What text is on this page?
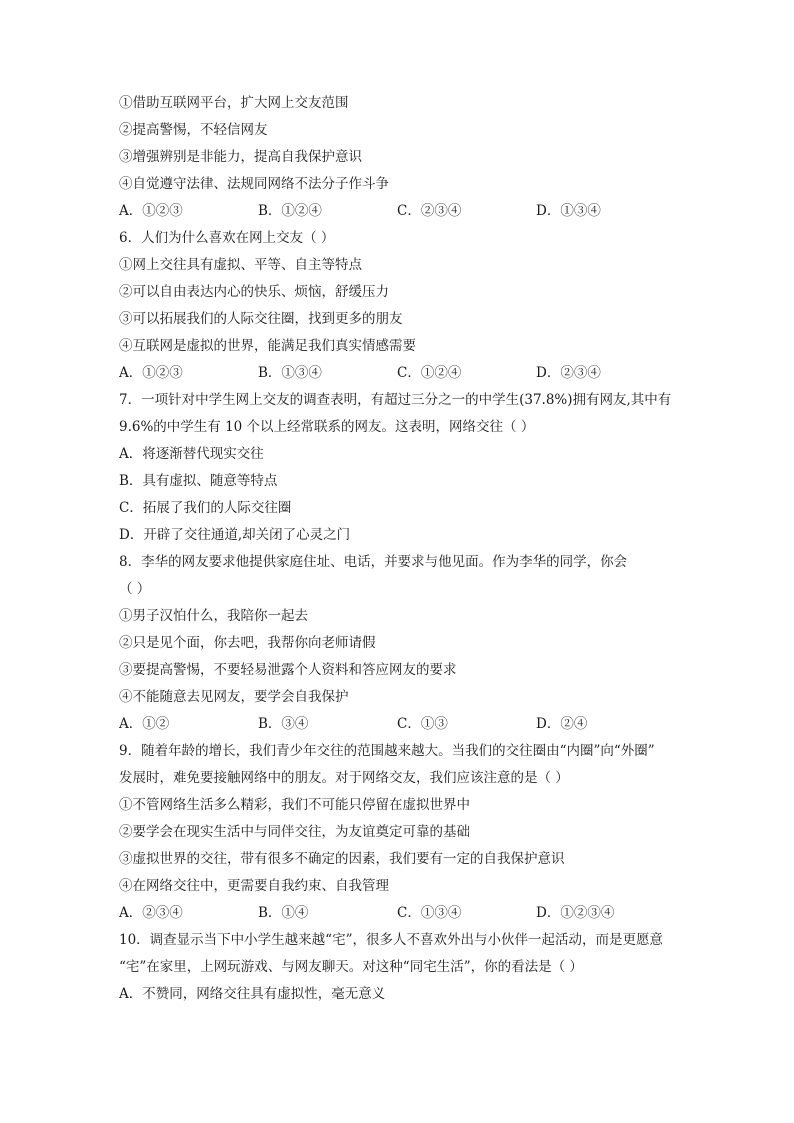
①借助互联网平台，扩大网上交友范围
②提高警惕，不轻信网友
③增强辨别是非能力，提高自我保护意识
④自觉遵守法律、法规同网络不法分子作斗争
A．①②③	B．①②④	C．②③④	D．①③④
6．人们为什么喜欢在网上交友（ ）
①网上交往具有虚拟、平等、自主等特点
②可以自由表达内心的快乐、烦恼，舒缓压力
③可以拓展我们的人际交往圈，找到更多的朋友
④互联网是虚拟的世界，能满足我们真实情感需要
A．①②③	B．①③④	C．①②④	D．②③④
7．一项针对中学生网上交友的调查表明，有超过三分之一的中学生(37.8%)拥有网友,其中有
9.6%的中学生有 10 个以上经常联系的网友。这表明，网络交往（ ）
A．将逐渐替代现实交往
B．具有虚拟、随意等特点
C．拓展了我们的人际交往圈
D．开辟了交往通道,却关闭了心灵之门
8．李华的网友要求他提供家庭住址、电话，并要求与他见面。作为李华的同学，你会
（ ）
①男子汉怕什么，我陪你一起去
②只是见个面，你去吧，我帮你向老师请假
③要提高警惕，不要轻易泄露个人资料和答应网友的要求
④不能随意去见网友，要学会自我保护
A．①②	B．③④	C．①③	D．②④
9．随着年龄的增长，我们青少年交往的范围越来越大。当我们的交往圈由“内圈”向“外圈”
发展时，难免要接触网络中的朋友。对于网络交友，我们应该注意的是（ ）
①不管网络生活多么精彩，我们不可能只停留在虚拟世界中
②要学会在现实生活中与同伴交往，为友谊奠定可靠的基础
③虚拟世界的交往，带有很多不确定的因素，我们要有一定的自我保护意识
④在网络交往中，更需要自我约束、自我管理
A．②③④	B．①④	C．①③④	D．①②③④
10．调查显示当下中小学生越来越“宅”，很多人不喜欢外出与小伙伴一起活动，而是更愿意
“宅”在家里，上网玩游戏、与网友聊天。对这种“同宅生活”，你的看法是（ ）
A．不赞同，网络交往具有虚拟性，毫无意义
